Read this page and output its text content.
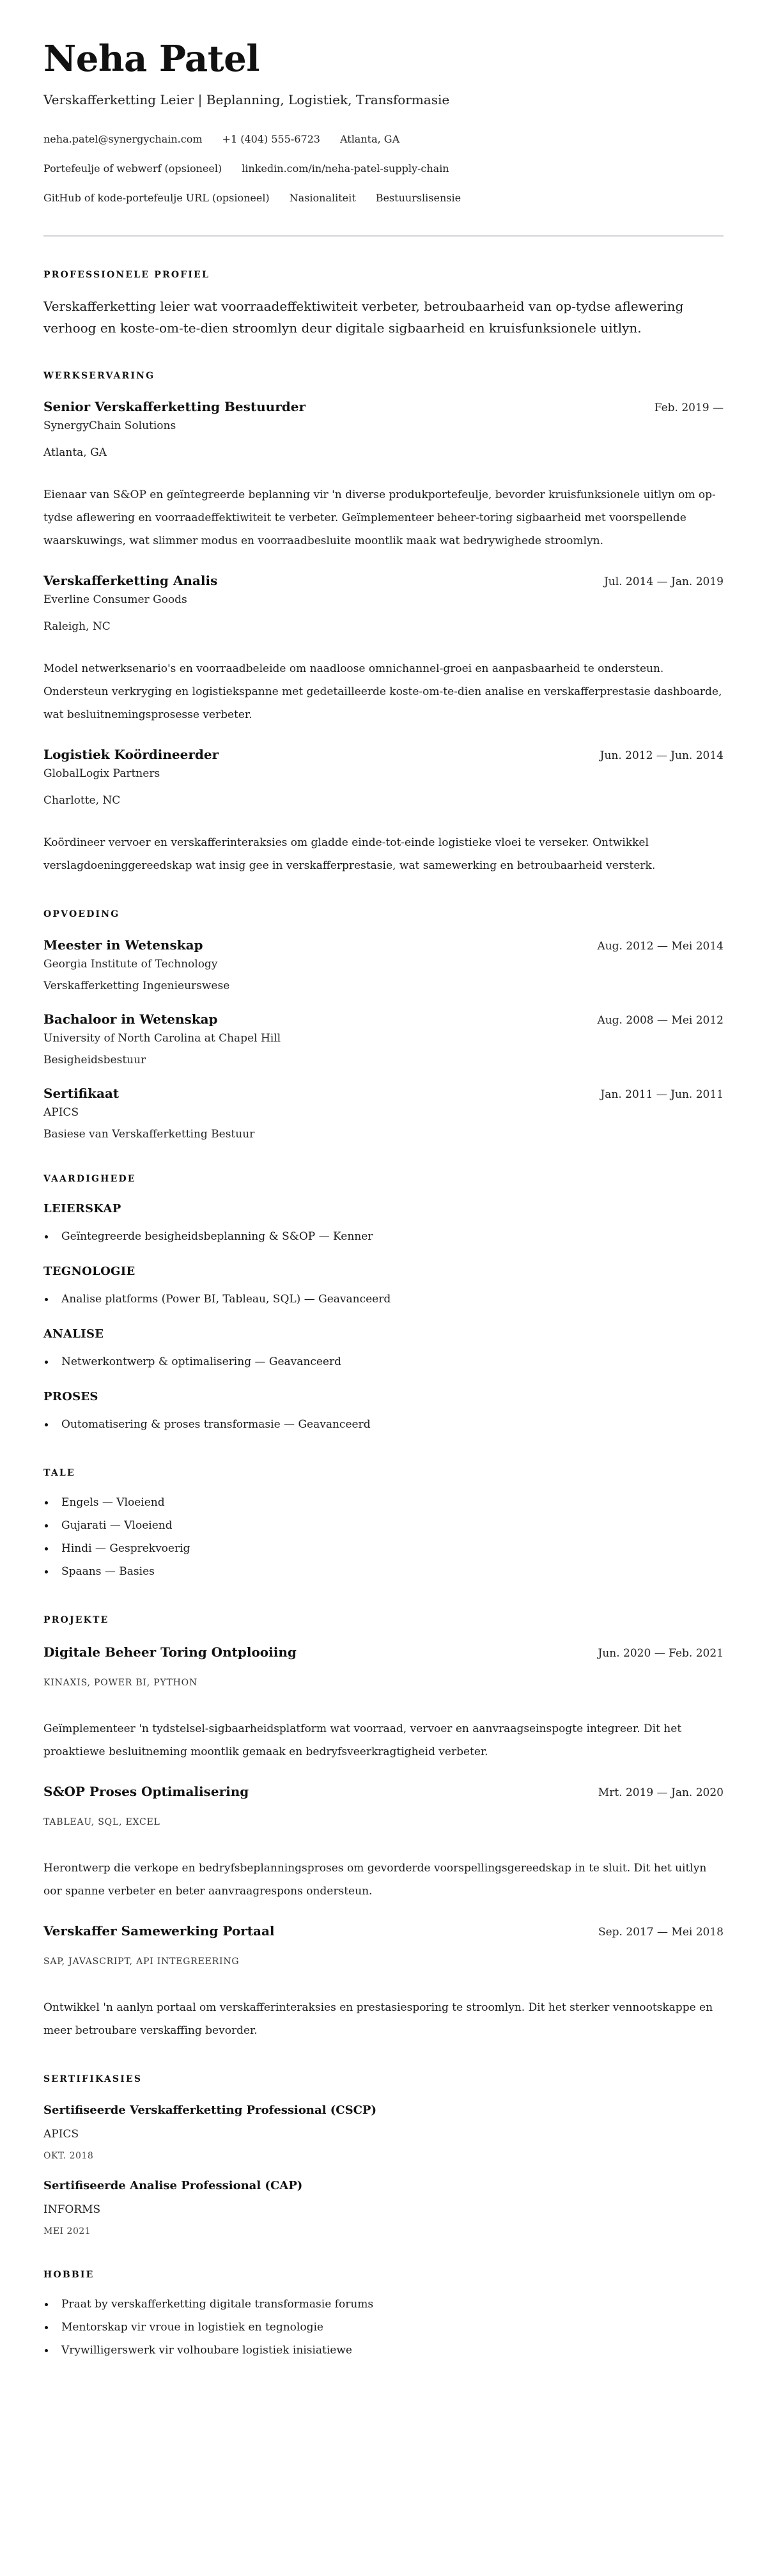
Neha Patel
Verskafferketting Leier | Beplanning, Logistiek, Transformasie
neha.patel@synergychain.com +1 (404) 555-6723 Atlanta, GA
Portefeulje of webwerf (opsioneel) linkedin.com/in/neha-patel-supply-chain
GitHub of kode-portefeulje URL (opsioneel) Nasionaliteit Bestuurslisensie
PROFESSIONELE PROFIEL

Verskafferketting leier wat voorraadeffektiwiteit verbeter, betroubaarheid van op-tydse aflewering verhoog en koste-om-te-dien stroomlyn deur digitale sigbaarheid en kruisfunksionele uitlyn.

WERKSERVARING
Senior Verskafferketting Bestuurder	Feb. 2019 —
SynergyChain Solutions
Atlanta, GA
Eienaar van S&OP en geïntegreerde beplanning vir 'n diverse produkportefeulje, bevorder kruisfunksionele uitlyn om op-tydse aflewering en voorraadeffektiwiteit te verbeter. Geïmplementeer beheer-toring sigbaarheid met voorspellende waarskuwings, wat slimmer modus en voorraadbesluite moontlik maak wat bedrywighede stroomlyn.
Verskafferketting Analis	Jul. 2014 — Jan. 2019
Everline Consumer Goods
Raleigh, NC
Model netwerksenario's en voorraadbeleide om naadloose omnichannel-groei en aanpasbaarheid te ondersteun. Ondersteun verkryging en logistiekspanne met gedetailleerde koste-om-te-dien analise en verskafferprestasie dashboarde, wat besluitnemingsprosesse verbeter.
Logistiek Koördineerder	Jun. 2012 — Jun. 2014
GlobalLogix Partners
Charlotte, NC
Koördineer vervoer en verskafferinteraksies om gladde einde-tot-einde logistieke vloei te verseker. Ontwikkel verslagdoeninggereedskap wat insig gee in verskafferprestasie, wat samewerking en betroubaarheid versterk.
OPVOEDING
Meester in Wetenskap	Aug. 2012 — Mei 2014
Georgia Institute of Technology
Verskafferketting Ingenieurswese
Bachaloor in Wetenskap	Aug. 2008 — Mei 2012
University of North Carolina at Chapel Hill
Besigheidsbestuur
Sertifikaat	Jan. 2011 — Jun. 2011
APICS
Basiese van Verskafferketting Bestuur
VAARDIGHEDE
LEIERSKAP
Geïntegreerde besigheidsbeplanning & S&OP — Kenner
TEGNOLOGIE
Analise platforms (Power BI, Tableau, SQL) — Geavanceerd
ANALISE
Netwerkontwerp & optimalisering — Geavanceerd
PROSES
Outomatisering & proses transformasie — Geavanceerd
TALE
Engels — Vloeiend
Gujarati — Vloeiend
Hindi — Gesprekvoerig
Spaans — Basies
PROJEKTE
Digitale Beheer Toring Ontplooiing	Jun. 2020 — Feb. 2021
KINAXIS, POWER BI, PYTHON
Geïmplementeer 'n tydstelsel-sigbaarheidsplatform wat voorraad, vervoer en aanvraagseinspogte integreer. Dit het proaktiewe besluitneming moontlik gemaak en bedryfsveerkragtigheid verbeter.
S&OP Proses Optimalisering	Mrt. 2019 — Jan. 2020
TABLEAU, SQL, EXCEL
Herontwerp die verkope en bedryfsbeplanningsproses om gevorderde voorspellingsgereedskap in te sluit. Dit het uitlyn oor spanne verbeter en beter aanvraagrespons ondersteun.
Verskaffer Samewerking Portaal	Sep. 2017 — Mei 2018
SAP, JAVASCRIPT, API INTEGREERING
Ontwikkel 'n aanlyn portaal om verskafferinteraksies en prestasiesporing te stroomlyn. Dit het sterker vennootskappe en meer betroubare verskaffing bevorder.
SERTIFIKASIES
Sertifiseerde Verskafferketting Professional (CSCP)
APICS
OKT. 2018
Sertifiseerde Analise Professional (CAP)
INFORMS
MEI 2021
HOBBIE
Praat by verskafferketting digitale transformasie forums
Mentorskap vir vroue in logistiek en tegnologie
Vrywilligerswerk vir volhoubare logistiek inisiatiewe
